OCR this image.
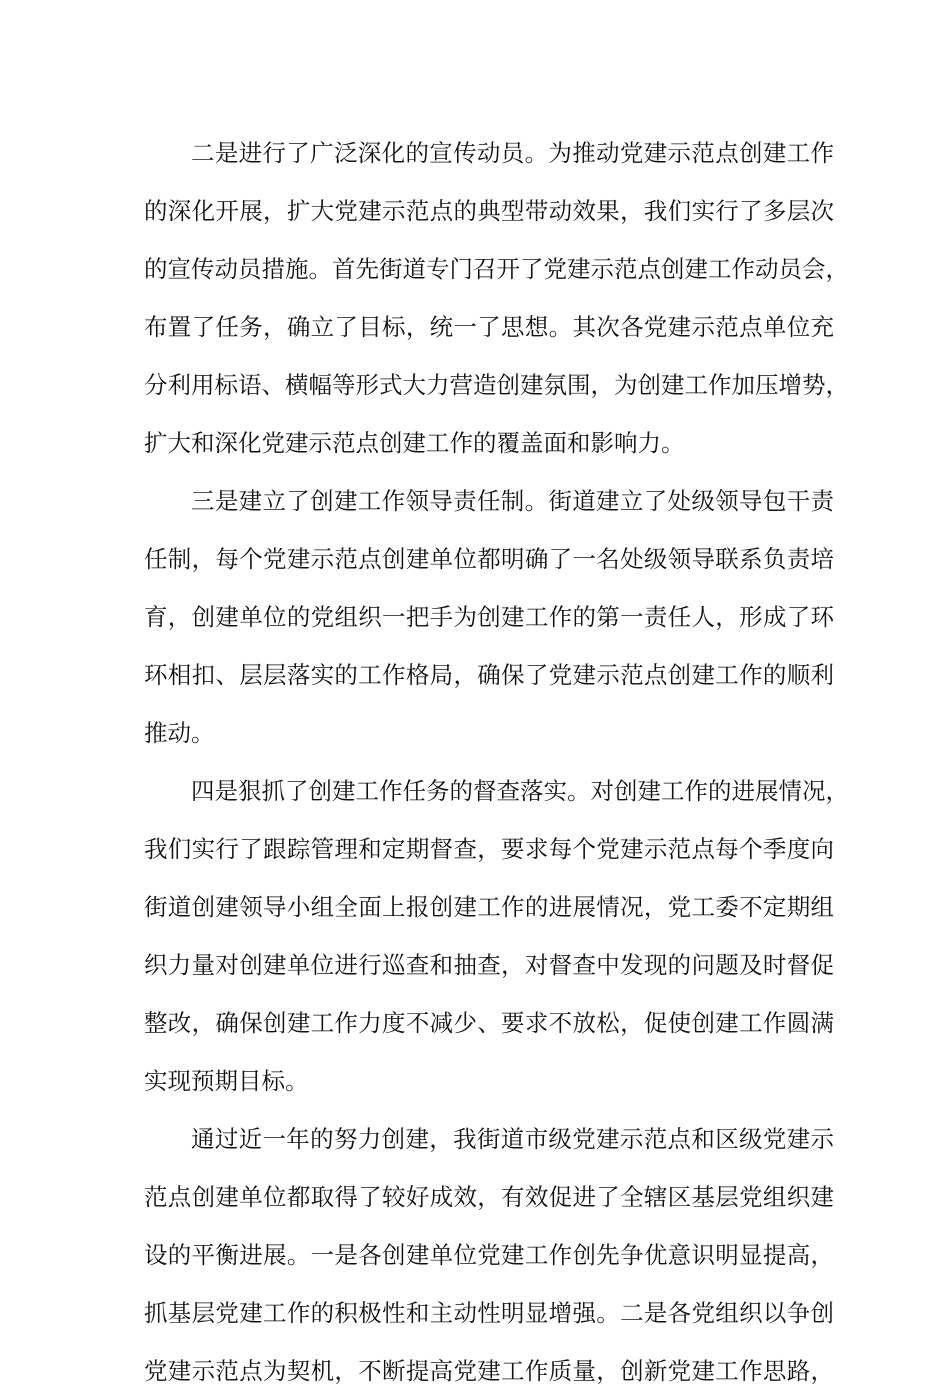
二是进行了广泛深化的宣传动员。为推动党建示范点创建工作
的深化开展，扩大党建示范点的典型带动效果，我们实行了多层次
的宣传动员措施。首先街道专门召开了党建示范点创建工作动员会，
布置了任务，确立了目标，统一了思想。其次各党建示范点单位充
分利用标语、横幅等形式大力营造创建氛围，为创建工作加压增势，
扩大和深化党建示范点创建工作的覆盖面和影响力。
三是建立了创建工作领导责任制。街道建立了处级领导包干责
任制，每个党建示范点创建单位都明确了一名处级领导联系负责培
育，创建单位的党组织一把手为创建工作的第一责任人，形成了环
环相扣、层层落实的工作格局，确保了党建示范点创建工作的顺利
推动。
四是狠抓了创建工作任务的督查落实。对创建工作的进展情况，
我们实行了跟踪管理和定期督查，要求每个党建示范点每个季度向
街道创建领导小组全面上报创建工作的进展情况，党工委不定期组
织力量对创建单位进行巡查和抽查，对督查中发现的问题及时督促
整改，确保创建工作力度不减少、要求不放松，促使创建工作圆满
实现预期目标。
通过近一年的努力创建，我街道市级党建示范点和区级党建示
范点创建单位都取得了较好成效，有效促进了全辖区基层党组织建
设的平衡进展。一是各创建单位党建工作创先争优意识明显提高，
抓基层党建工作的积极性和主动性明显增强。二是各党组织以争创
党建示范点为契机，不断提高党建工作质量，创新党建工作思路，
